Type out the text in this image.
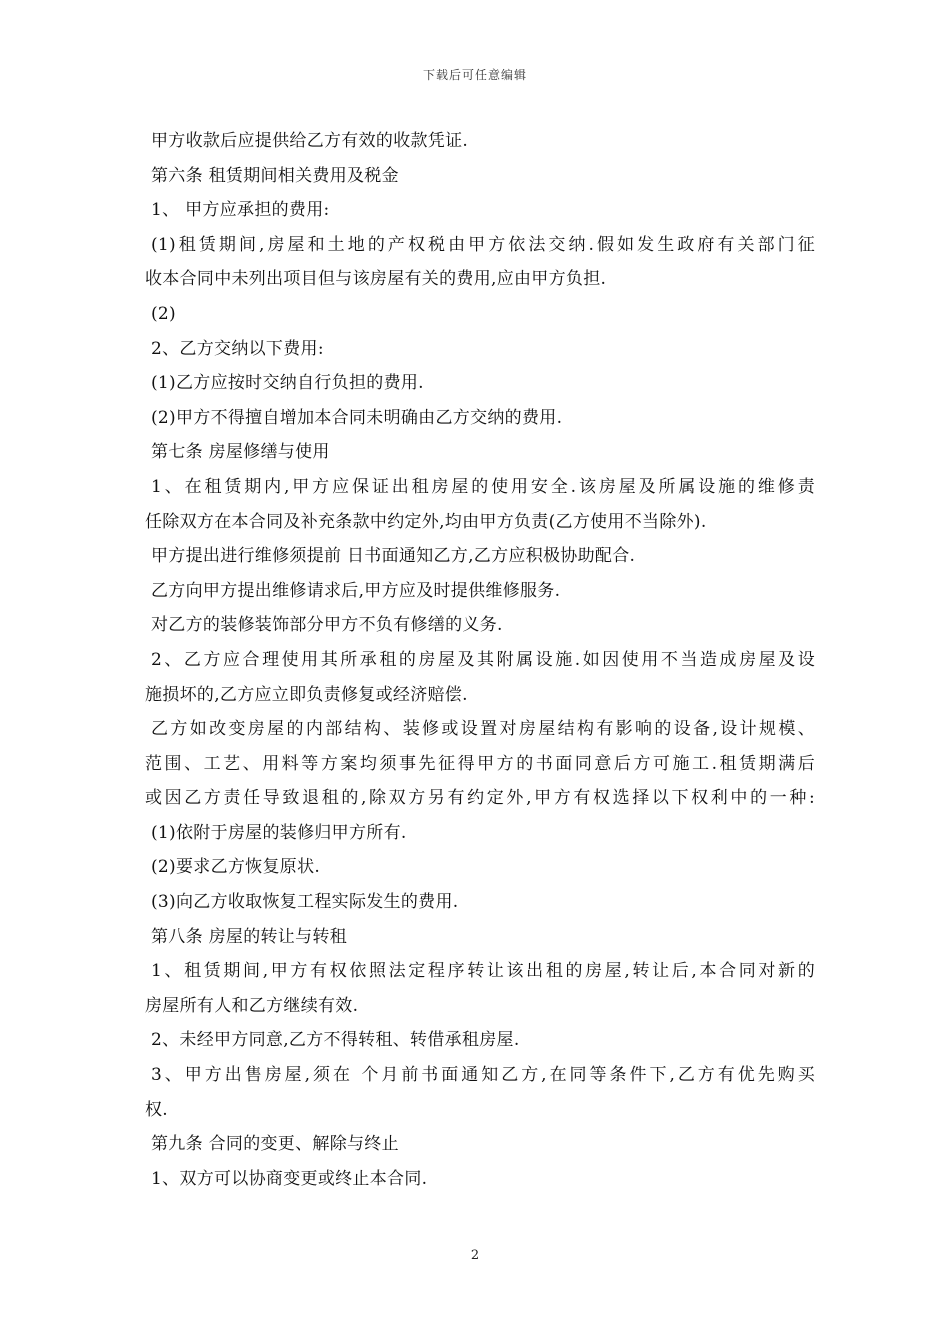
下载后可任意编辑
甲方收款后应提供给乙方有效的收款凭证.
第六条 租赁期间相关费用及税金
1、 甲方应承担的费用:
(1)租赁期间,房屋和土地的产权税由甲方依法交纳.假如发生政府有关部门征
收本合同中未列出项目但与该房屋有关的费用,应由甲方负担.
(2)
2、乙方交纳以下费用:
(1)乙方应按时交纳自行负担的费用.
(2)甲方不得擅自增加本合同未明确由乙方交纳的费用.
第七条 房屋修缮与使用
1、在租赁期内,甲方应保证出租房屋的使用安全.该房屋及所属设施的维修责
任除双方在本合同及补充条款中约定外,均由甲方负责(乙方使用不当除外).
甲方提出进行维修须提前 日书面通知乙方,乙方应积极协助配合.
乙方向甲方提出维修请求后,甲方应及时提供维修服务.
对乙方的装修装饰部分甲方不负有修缮的义务.
2、乙方应合理使用其所承租的房屋及其附属设施.如因使用不当造成房屋及设
施损坏的,乙方应立即负责修复或经济赔偿.
乙方如改变房屋的内部结构、装修或设置对房屋结构有影响的设备,设计规模、
范围、工艺、用料等方案均须事先征得甲方的书面同意后方可施工.租赁期满后
或因乙方责任导致退租的,除双方另有约定外,甲方有权选择以下权利中的一种:
(1)依附于房屋的装修归甲方所有.
(2)要求乙方恢复原状.
(3)向乙方收取恢复工程实际发生的费用.
第八条 房屋的转让与转租
1、租赁期间,甲方有权依照法定程序转让该出租的房屋,转让后,本合同对新的
房屋所有人和乙方继续有效.
2、未经甲方同意,乙方不得转租、转借承租房屋.
3、甲方出售房屋,须在 个月前书面通知乙方,在同等条件下,乙方有优先购买
权.
第九条 合同的变更、解除与终止
1、双方可以协商变更或终止本合同.
2
